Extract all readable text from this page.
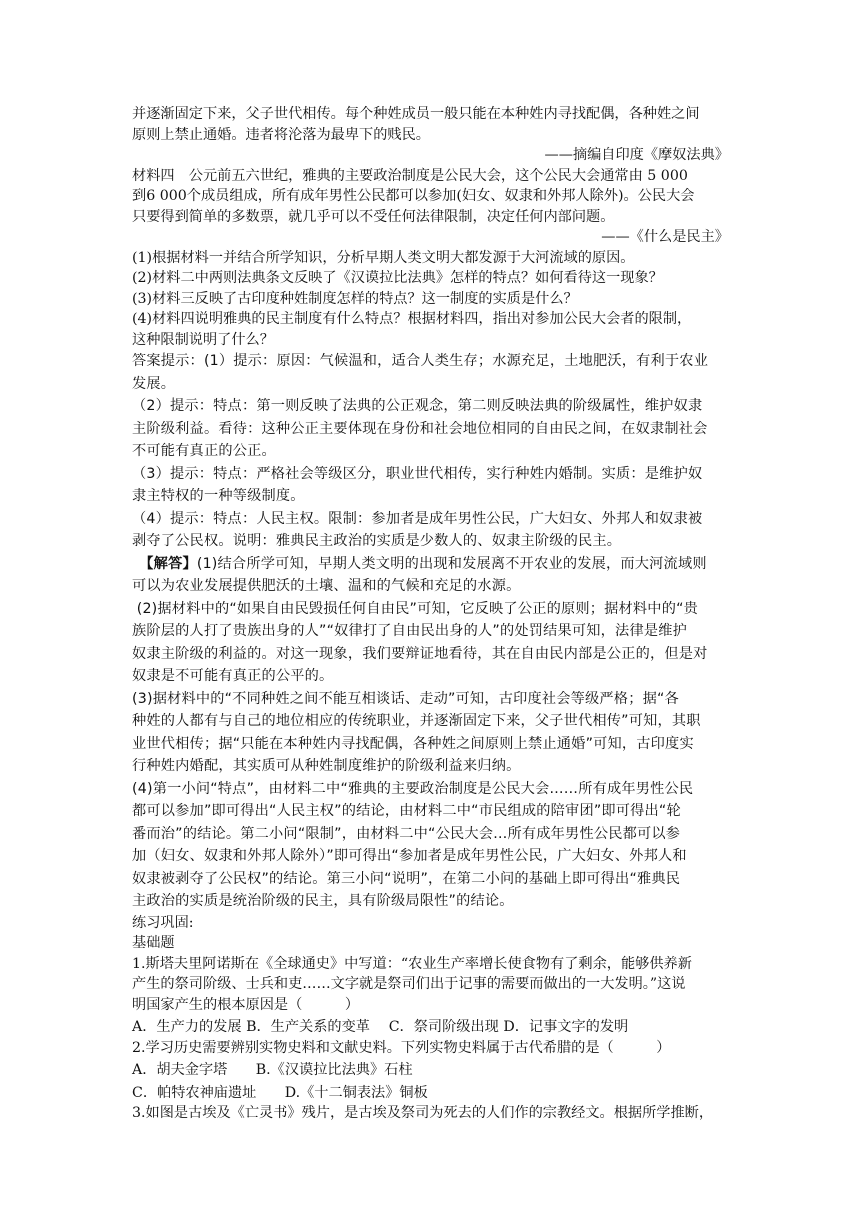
并逐渐固定下来，父子世代相传。每个种姓成员一般只能在本种姓内寻找配偶，各种姓之间

原则上禁止通婚。违者将沦落为最卑下的贱民。

——摘编自印度《摩奴法典》

材料四　公元前五六世纪，雅典的主要政治制度是公民大会，这个公民大会通常由 5 000

到6 000个成员组成，所有成年男性公民都可以参加(妇女、奴隶和外邦人除外)。公民大会

只要得到简单的多数票，就几乎可以不受任何法律限制，决定任何内部问题。

——《什么是民主》

(1)根据材料一并结合所学知识，分析早期人类文明大都发源于大河流域的原因。

(2)材料二中两则法典条文反映了《汉谟拉比法典》怎样的特点？如何看待这一现象？

(3)材料三反映了古印度种姓制度怎样的特点？这一制度的实质是什么？

(4)材料四说明雅典的民主制度有什么特点？根据材料四，指出对参加公民大会者的限制，

这种限制说明了什么？

答案提示：(1）提示：原因：气候温和，适合人类生存；水源充足，土地肥沃，有利于农业

发展。

（2）提示：特点：第一则反映了法典的公正观念，第二则反映法典的阶级属性，维护奴隶

主阶级利益。看待：这种公正主要体现在身份和社会地位相同的自由民之间，在奴隶制社会

不可能有真正的公正。

（3）提示：特点：严格社会等级区分，职业世代相传，实行种姓内婚制。实质：是维护奴

隶主特权的一种等级制度。

（4）提示：特点：人民主权。限制：参加者是成年男性公民，广大妇女、外邦人和奴隶被

剥夺了公民权。说明：雅典民主政治的实质是少数人的、奴隶主阶级的民主。

　【解答】(1)结合所学可知，早期人类文明的出现和发展离不开农业的发展，而大河流域则

可以为农业发展提供肥沃的土壤、温和的气候和充足的水源。

(2)据材料中的“如果自由民毁损任何自由民”可知，它反映了公正的原则；据材料中的“贵

族阶层的人打了贵族出身的人”“奴律打了自由民出身的人”的处罚结果可知，法律是维护

奴隶主阶级的利益的。对这一现象，我们要辩证地看待，其在自由民内部是公正的，但是对

奴隶是不可能有真正的公平的。

(3)据材料中的“不同种姓之间不能互相谈话、走动”可知，古印度社会等级严格；据“各

种姓的人都有与自己的地位相应的传统职业，并逐渐固定下来，父子世代相传”可知，其职

业世代相传；据“只能在本种姓内寻找配偶，各种姓之间原则上禁止通婚”可知，古印度实

行种姓内婚配，其实质可从种姓制度维护的阶级利益来归纳。

(4)第一小问“特点”，由材料二中“雅典的主要政治制度是公民大会……所有成年男性公民

都可以参加”即可得出“人民主权”的结论，由材料二中“市民组成的陪审团”即可得出“轮

番而治”的结论。第二小问“限制”，由材料二中“公民大会…所有成年男性公民都可以参

加（妇女、奴隶和外邦人除外）”即可得出“参加者是成年男性公民，广大妇女、外邦人和

奴隶被剥夺了公民权”的结论。第三小问“说明”，在第二小问的基础上即可得出“雅典民

主政治的实质是统治阶级的民主，具有阶级局限性”的结论。

练习巩固:

基础题

1.斯塔夫里阿诺斯在《全球通史》中写道：“农业生产率增长使食物有了剩余，能够供养新

产生的祭司阶级、士兵和吏……文字就是祭司们出于记事的需要而做出的一大发明。”这说

明国家产生的根本原因是（　　　）

A．生产力的发展 B．生产关系的变革　 C．祭司阶级出现 D．记事文字的发明

2.学习历史需要辨别实物史料和文献史料。下列实物史料属于古代希腊的是（　　　）

A．胡夫金字塔　　B.《汉谟拉比法典》石柱

C．帕特农神庙遗址　　D.《十二铜表法》铜板

3.如图是古埃及《亡灵书》残片，是古埃及祭司为死去的人们作的宗教经文。根据所学推断，
